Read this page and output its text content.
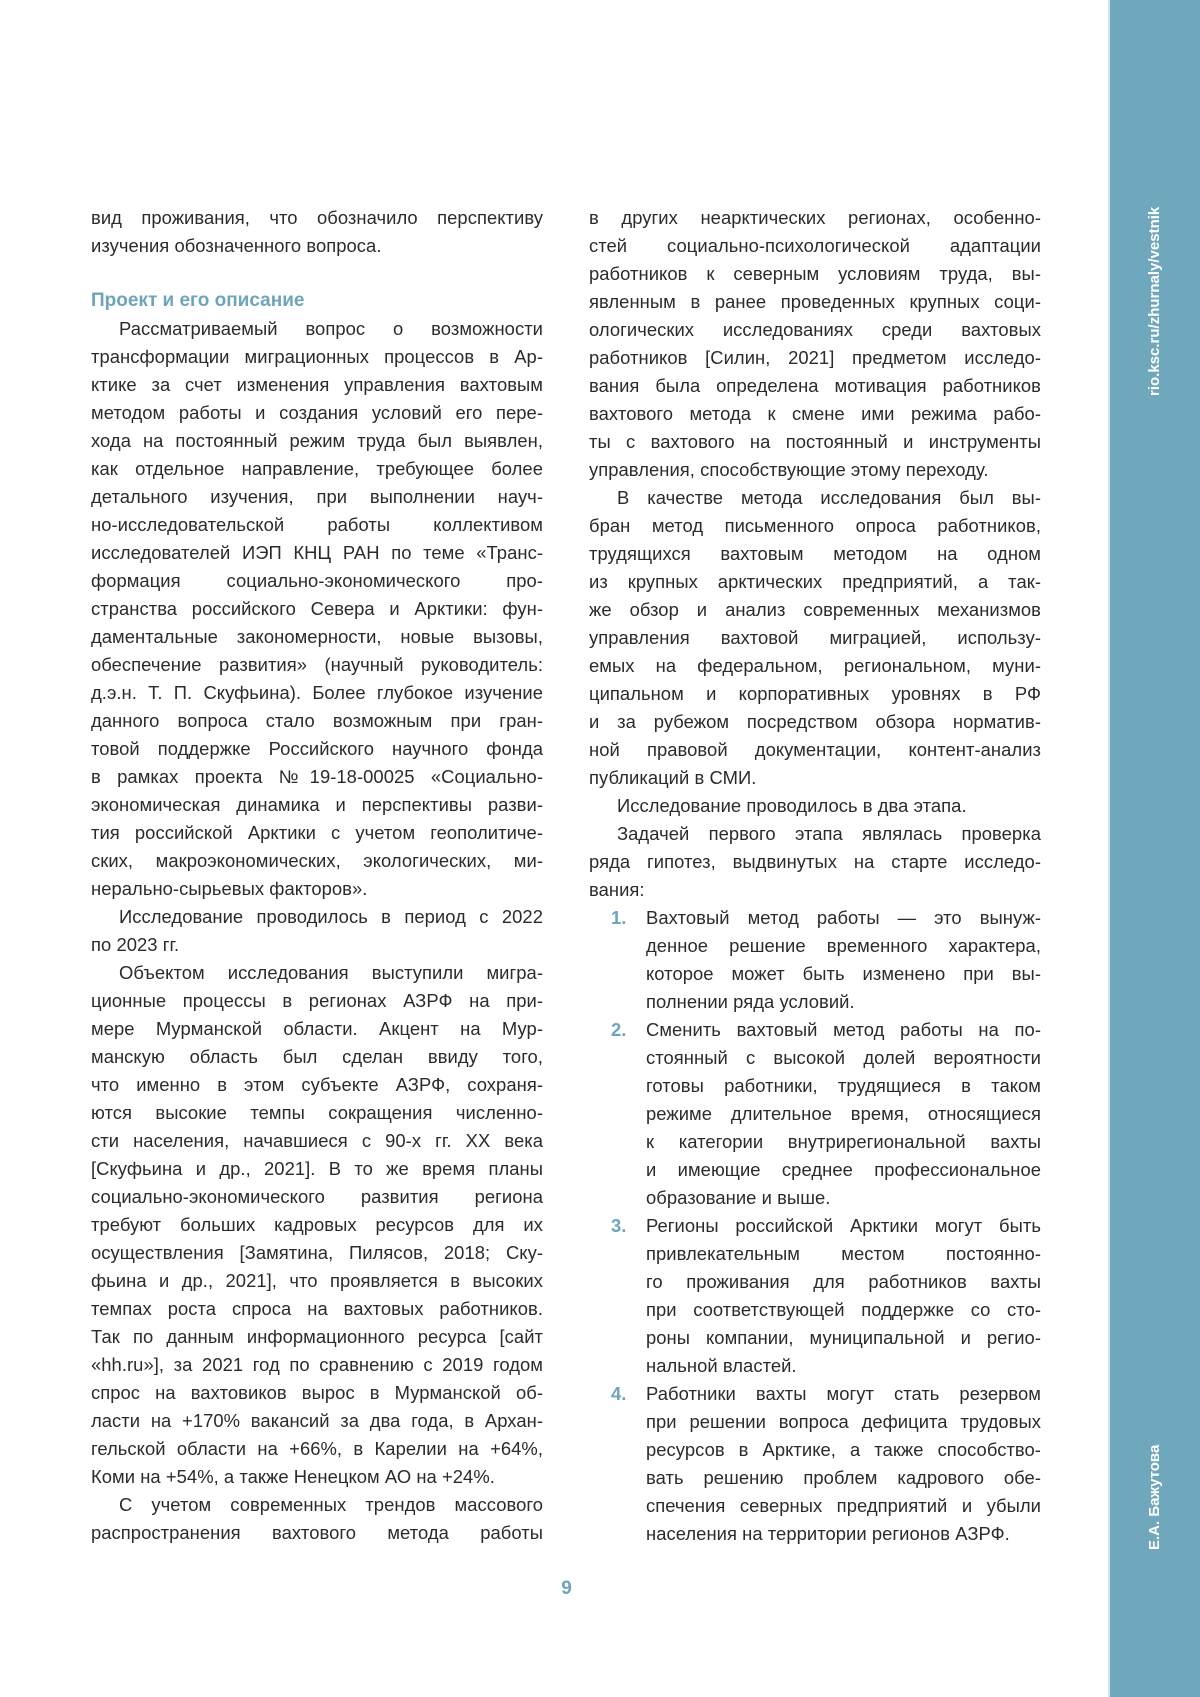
вид проживания, что обозначило перспективу
изучения обозначенного вопроса.
Проект и его описание
Рассматриваемый вопрос о возможности
трансформации миграционных процессов в Ар-
ктике за счет изменения управления вахтовым
методом работы и создания условий его пере-
хода на постоянный режим труда был выявлен,
как отдельное направление, требующее более
детального изучения, при выполнении науч-
но-исследовательской работы коллективом
исследователей ИЭП КНЦ РАН по теме «Транс-
формация социально-экономического про-
странства российского Севера и Арктики: фун-
даментальные закономерности, новые вызовы,
обеспечение развития» (научный руководитель:
д.э.н. Т. П. Скуфьина). Более глубокое изучение
данного вопроса стало возможным при гран-
товой поддержке Российского научного фонда
в рамках проекта №19-18-00025 «Социально-
экономическая динамика и перспективы разви-
тия российской Арктики с учетом геополитиче-
ских, макроэкономических, экологических, ми-
нерально-сырьевых факторов».
Исследование проводилось в период с 2022
по 2023 гг.
Объектом исследования выступили мигра-
ционные процессы в регионах АЗРФ на при-
мере Мурманской области. Акцент на Мур-
манскую область был сделан ввиду того,
что именно в этом субъекте АЗРФ, сохраня-
ются высокие темпы сокращения численно-
сти населения, начавшиеся с 90-х гг. XX века
[Скуфьина и др., 2021]. В то же время планы
социально-экономического развития региона
требуют больших кадровых ресурсов для их
осуществления [Замятина, Пилясов, 2018; Ску-
фьина и др., 2021], что проявляется в высоких
темпах роста спроса на вахтовых работников.
Так по данным информационного ресурса [сайт
«hh.ru»], за 2021 год по сравнению с 2019 годом
спрос на вахтовиков вырос в Мурманской об-
ласти на +170% вакансий за два года, в Архан-
гельской области на +66%, в Карелии на +64%,
Коми на +54%, а также Ненецком АО на +24%.
С учетом современных трендов массового
распространения вахтового метода работы
в других неарктических регионах, особенно-
стей социально-психологической адаптации
работников к северным условиям труда, вы-
явленным в ранее проведенных крупных соци-
ологических исследованиях среди вахтовых
работников [Силин, 2021] предметом исследо-
вания была определена мотивация работников
вахтового метода к смене ими режима рабо-
ты с вахтового на постоянный и инструменты
управления, способствующие этому переходу.
В качестве метода исследования был вы-
бран метод письменного опроса работников,
трудящихся вахтовым методом на одном
из крупных арктических предприятий, а так-
же обзор и анализ современных механизмов
управления вахтовой миграцией, использу-
емых на федеральном, региональном, муни-
ципальном и корпоративных уровнях в РФ
и за рубежом посредством обзора норматив-
ной правовой документации, контент-анализ
публикаций в СМИ.
Исследование проводилось в два этапа.
Задачей первого этапа являлась проверка
ряда гипотез, выдвинутых на старте исследо-
вания:
1. Вахтовый метод работы — это вынуж-
денное решение временного характера,
которое может быть изменено при вы-
полнении ряда условий.
2. Сменить вахтовый метод работы на по-
стоянный с высокой долей вероятности
готовы работники, трудящиеся в таком
режиме длительное время, относящиеся
к категории внутрирегиональной вахты
и имеющие среднее профессиональное
образование и выше.
3. Регионы российской Арктики могут быть
привлекательным местом постоянно-
го проживания для работников вахты
при соответствующей поддержке со сто-
роны компании, муниципальной и регио-
нальной властей.
4. Работники вахты могут стать резервом
при решении вопроса дефицита трудовых
ресурсов в Арктике, а также способство-
вать решению проблем кадрового обе-
спечения северных предприятий и убыли
населения на территории регионов АЗРФ.
9
rio.ksc.ru/zhurnaly/vestnik
Е.А. Бажутова
